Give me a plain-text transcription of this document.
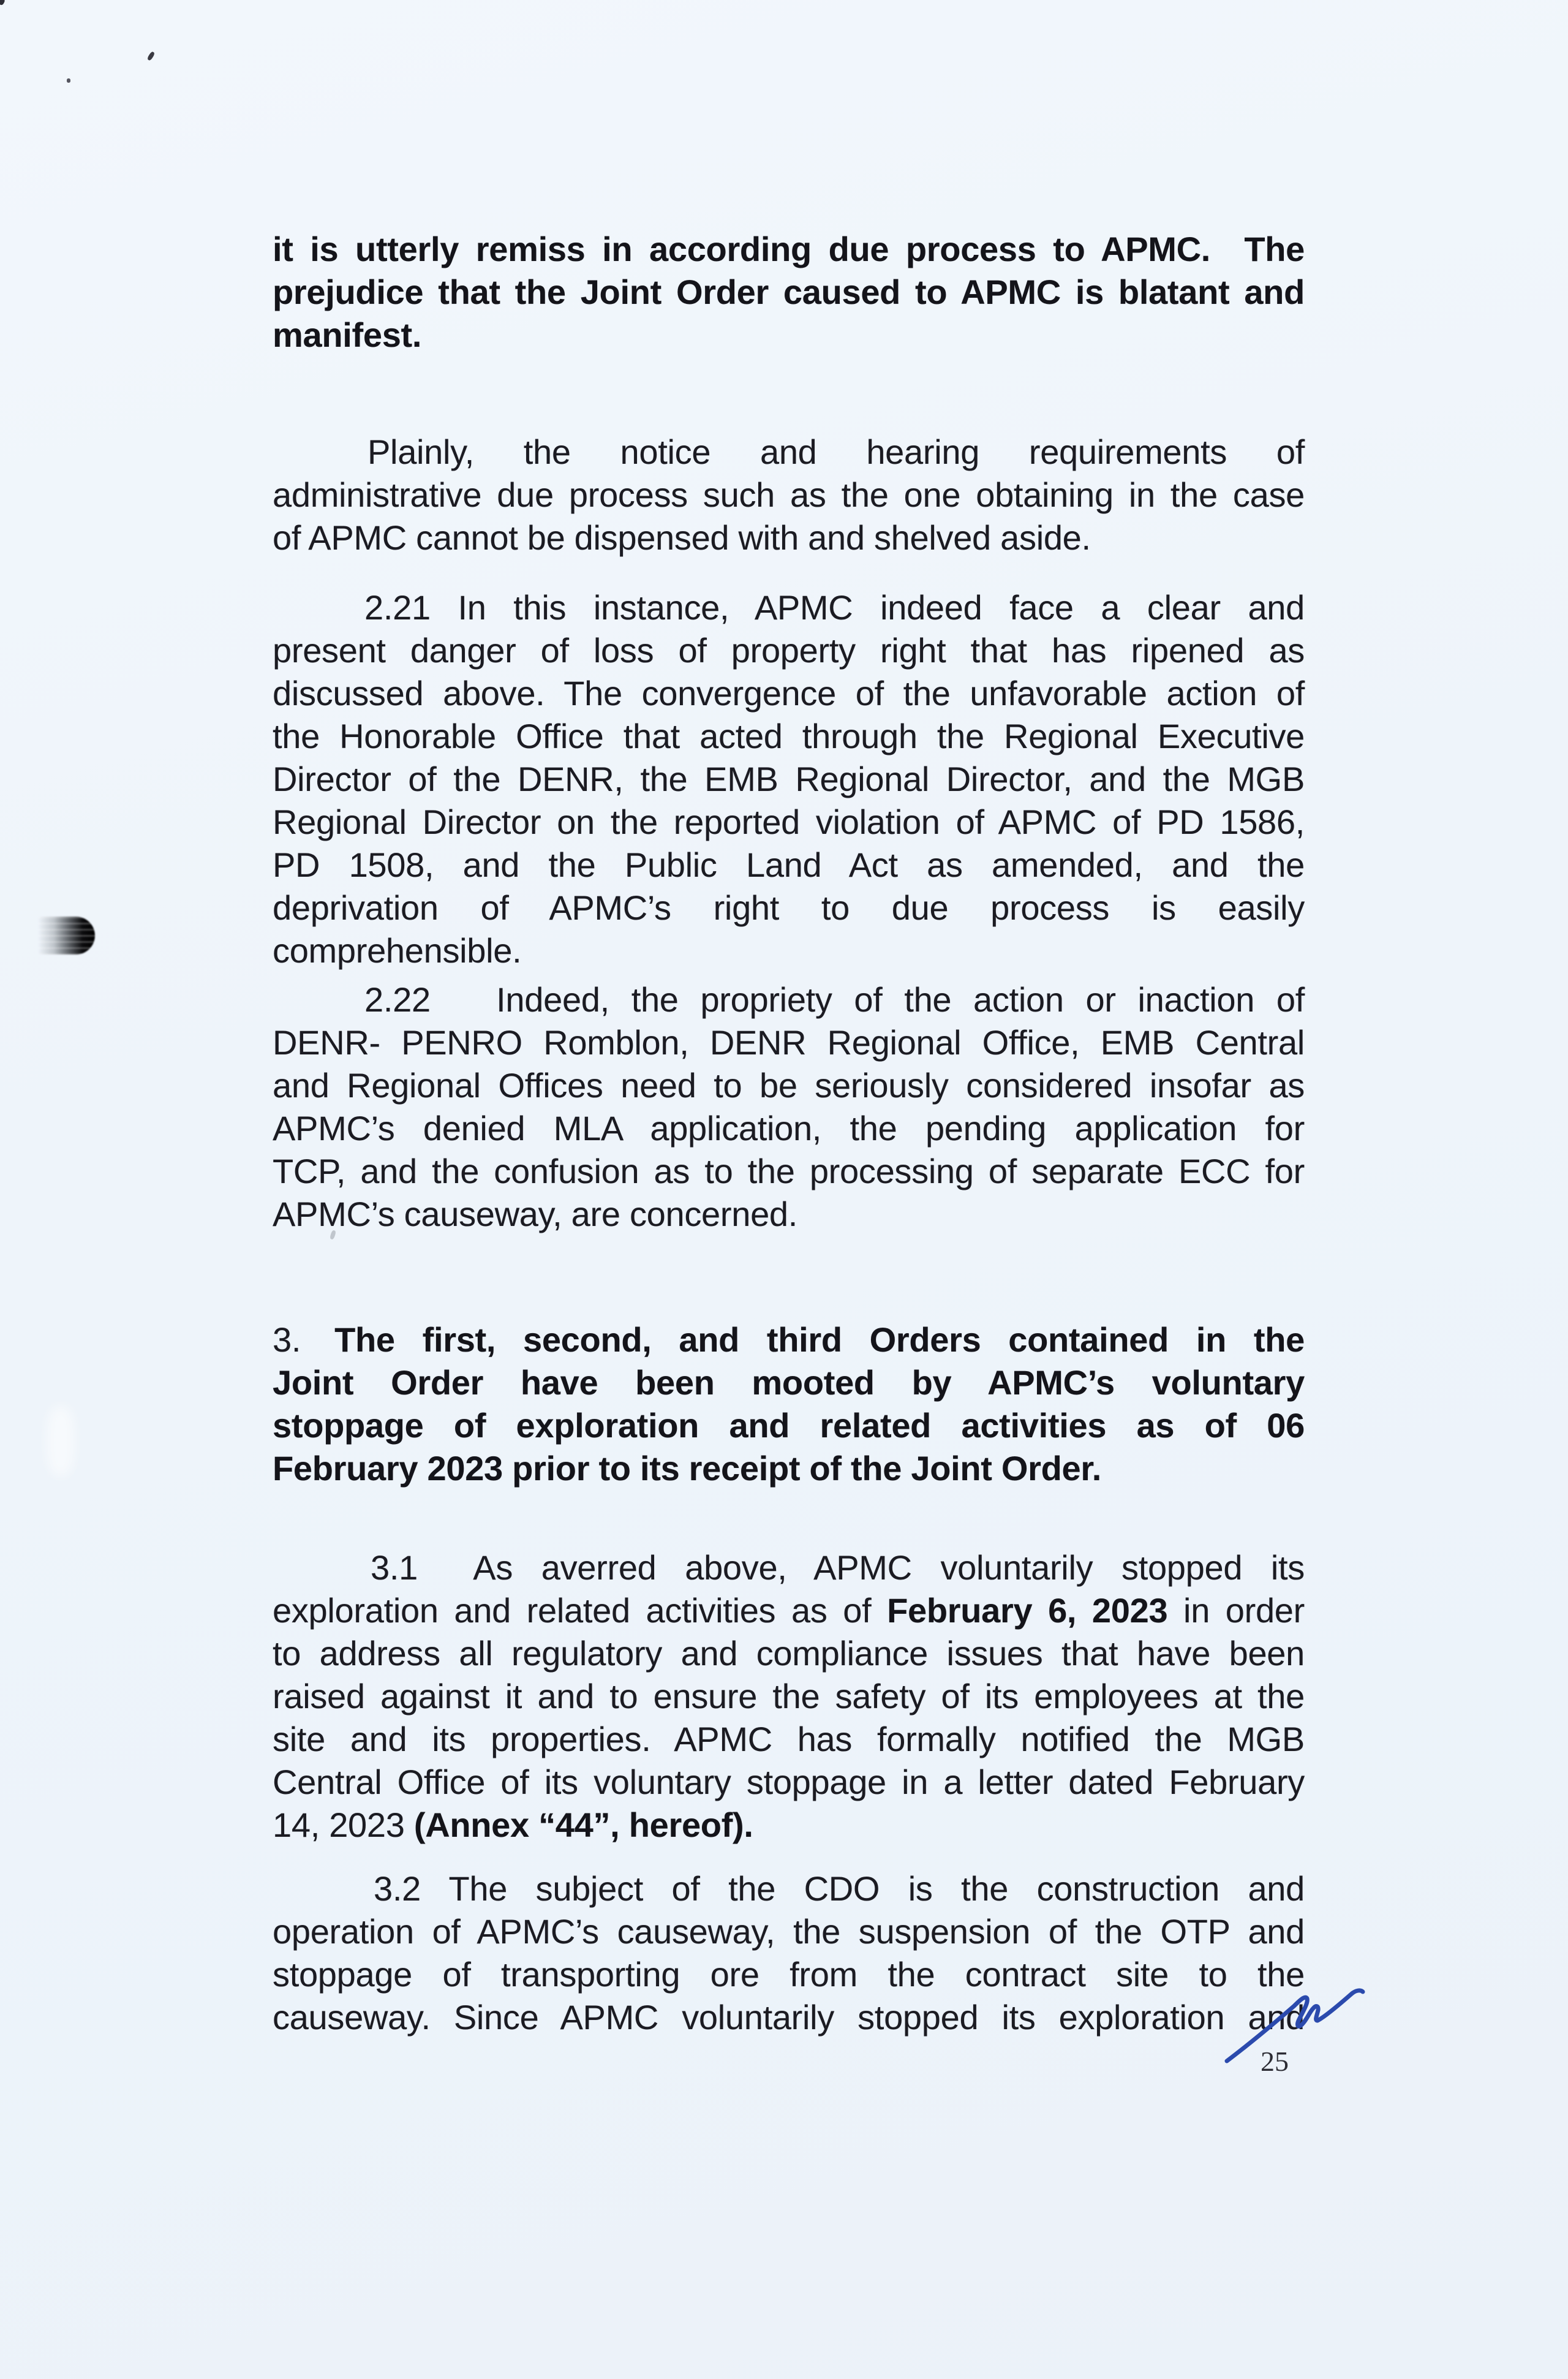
it is utterly remiss in according due process to APMC.  The
prejudice that the Joint Order caused to APMC is blatant and
manifest.
Plainly, the notice and hearing requirements of
administrative due process such as the one obtaining in the case
of APMC cannot be dispensed with and shelved aside.
2.21 In this instance, APMC indeed face a clear and
present danger of loss of property right that has ripened as
discussed above. The convergence of the unfavorable action of
the Honorable Office that acted through the Regional Executive
Director of the DENR, the EMB Regional Director, and the MGB
Regional Director on the reported violation of APMC of PD 1586,
PD 1508, and the Public Land Act as amended, and the
deprivation of APMC’s right to due process is easily
comprehensible.
2.22   Indeed, the propriety of the action or inaction of
DENR- PENRO Romblon, DENR Regional Office, EMB Central
and Regional Offices need to be seriously considered insofar as
APMC’s denied MLA application, the pending application for
TCP, and the confusion as to the processing of separate ECC for
APMC’s causeway, are concerned.
3. The first, second, and third Orders contained in the
Joint Order have been mooted by APMC’s voluntary
stoppage of exploration and related activities as of 06
February 2023 prior to its receipt of the Joint Order.
3.1  As averred above, APMC voluntarily stopped its
exploration and related activities as of February 6, 2023 in order
to address all regulatory and compliance issues that have been
raised against it and to ensure the safety of its employees at the
site and its properties. APMC has formally notified the MGB
Central Office of its voluntary stoppage in a letter dated February
14, 2023 (Annex “44”, hereof).
3.2 The subject of the CDO is the construction and
operation of APMC’s causeway, the suspension of the OTP and
stoppage of transporting ore from the contract site to the
causeway. Since APMC voluntarily stopped its exploration and
25
